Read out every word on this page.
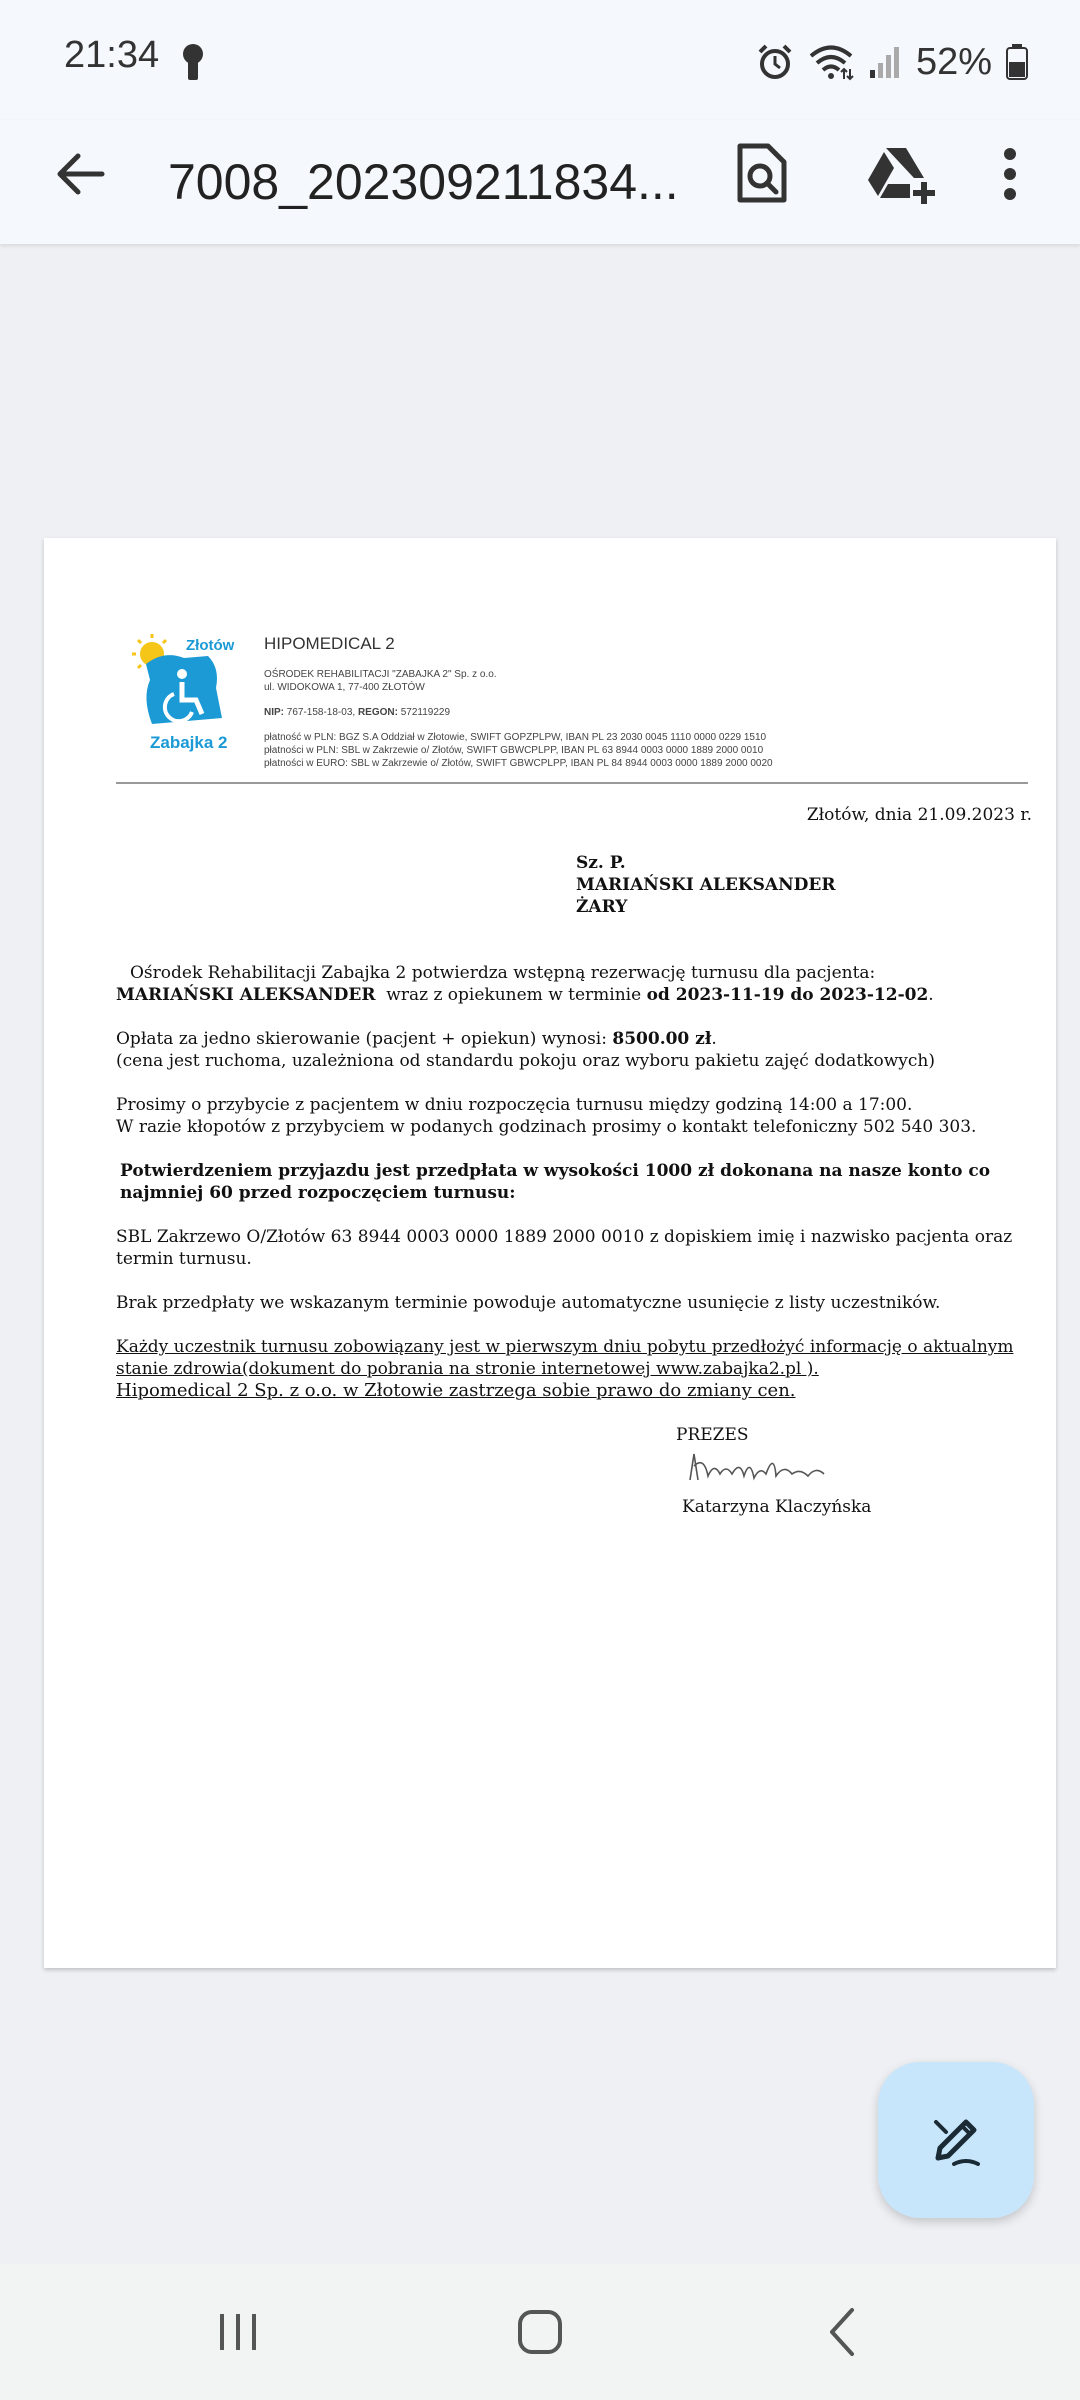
21:34	52%
7008_202309211834...
Złotów
Zabajka 2
HIPOMEDICAL 2
OŚRODEK REHABILITACJI "ZABAJKA 2" Sp. z o.o.
ul. WIDOKOWA 1, 77-400 ZŁOTÓW
NIP: 767-158-18-03, REGON: 572119229
płatność w PLN: BGZ S.A Oddział w Złotowie, SWIFT GOPZPLPW, IBAN PL 23 2030 0045 1110 0000 0229 1510
płatności w PLN: SBL w Zakrzewie o/ Złotów, SWIFT GBWCPLPP, IBAN PL 63 8944 0003 0000 1889 2000 0010
płatności w EURO: SBL w Zakrzewie o/ Złotów, SWIFT GBWCPLPP, IBAN PL 84 8944 0003 0000 1889 2000 0020
Złotów, dnia 21.09.2023 r.
Sz. P.
MARIAŃSKI ALEKSANDER
ŻARY
Ośrodek Rehabilitacji Zabajka 2 potwierdza wstępną rezerwację turnusu dla pacjenta:
MARIAŃSKI ALEKSANDER wraz z opiekunem w terminie od 2023-11-19 do 2023-12-02.
Opłata za jedno skierowanie (pacjent + opiekun) wynosi: 8500.00 zł.
(cena jest ruchoma, uzależniona od standardu pokoju oraz wyboru pakietu zajęć dodatkowych)
Prosimy o przybycie z pacjentem w dniu rozpoczęcia turnusu między godziną 14:00 a 17:00.
W razie kłopotów z przybyciem w podanych godzinach prosimy o kontakt telefoniczny 502 540 303.
Potwierdzeniem przyjazdu jest przedpłata w wysokości 1000 zł dokonana na nasze konto co najmniej 60 przed rozpoczęciem turnusu:
SBL Zakrzewo O/Złotów 63 8944 0003 0000 1889 2000 0010 z dopiskiem imię i nazwisko pacjenta oraz termin turnusu.
Brak przedpłaty we wskazanym terminie powoduje automatyczne usunięcie z listy uczestników.
Każdy uczestnik turnusu zobowiązany jest w pierwszym dniu pobytu przedłożyć informację o aktualnym stanie zdrowia(dokument do pobrania na stronie internetowej www.zabajka2.pl ).
Hipomedical 2 Sp. z o.o. w Złotowie zastrzega sobie prawo do zmiany cen.
PREZES
Katarzyna Klaczyńska
